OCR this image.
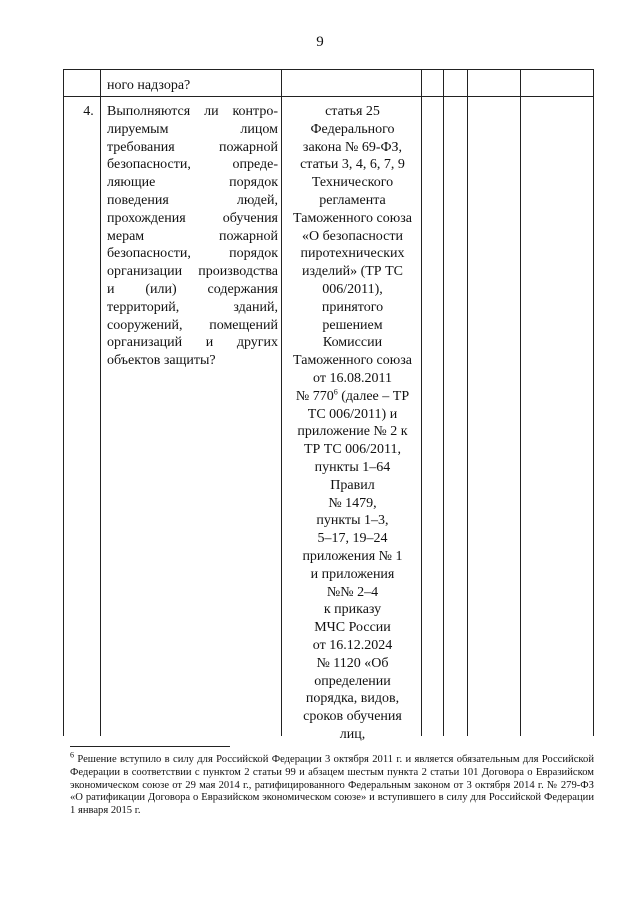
9
ного надзора?
4. Выполняются ли контро-
лируемым лицом
требования пожарной
безопасности, опреде-
ляющие порядок
поведения людей,
прохождения обучения
мерам пожарной
безопасности, порядок
организации производства
и (или) содержания
территорий, зданий,
сооружений, помещений
организаций и других
объектов защиты?
статья 25
Федерального
закона № 69-ФЗ,
статьи 3, 4, 6, 7, 9
Технического
регламента
Таможенного союза
«О безопасности
пиротехнических
изделий» (ТР ТС
006/2011),
принятого
решением
Комиссии
Таможенного союза
от 16.08.2011
№ $770^6$ (далее – ТР
ТС 006/2011) и
приложение № 2 к
ТР ТС 006/2011,
пункты 1–64
Правил
№ 1479,
пункты 1–3,
5–17, 19–24
приложения № 1
и приложения
№№ 2–4
к приказу
МЧС России
от 16.12.2024
№ 1120 «Об
определении
порядка, видов,
сроков обучения
лиц,
$^6$ Решение вступило в силу для Российской Федерации 3 октября 2011 г. и является обязательным для Российской Федерации в соответствии с пунктом 2 статьи 99 и абзацем шестым пункта 2 статьи 101 Договора о Евразийском экономическом союзе от 29 мая 2014 г., ратифицированного Федеральным законом от 3 октября 2014 г. № 279-ФЗ «О ратификации Договора о Евразийском экономическом союзе» и вступившего в силу для Российской Федерации 1 января 2015 г.
